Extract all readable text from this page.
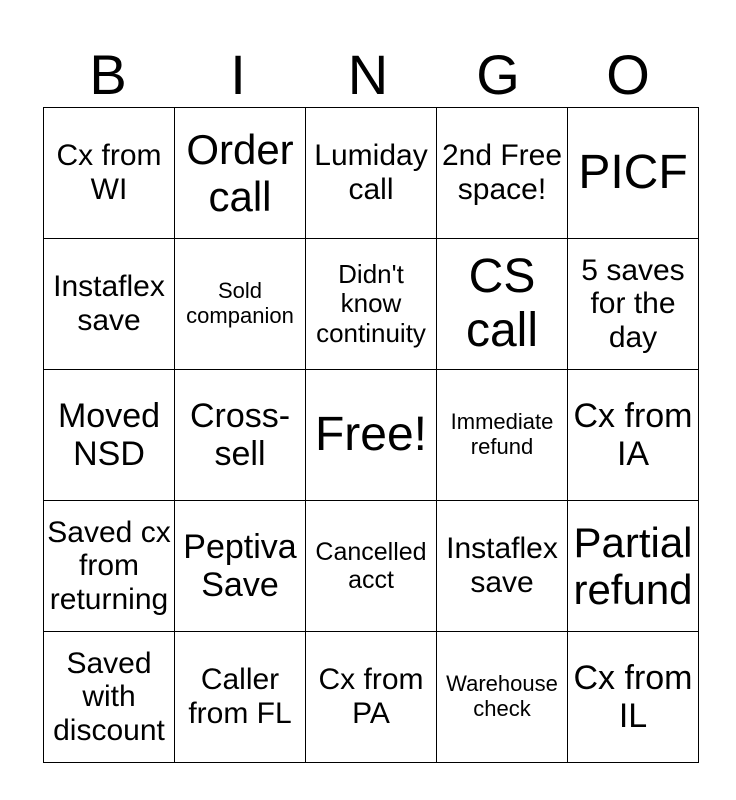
B	I	N	G	O
Cx from WI	Order call	Lumiday call	2nd Free space!	PICF
Instaflex save	Sold companion	Didn't know continuity	CS call	5 saves for the day
Moved NSD	Cross-sell	Free!	Immediate refund	Cx from IA
Saved cx from returning	Peptiva Save	Cancelled acct	Instaflex save	Partial refund
Saved with discount	Caller from FL	Cx from PA	Warehouse check	Cx from IL
